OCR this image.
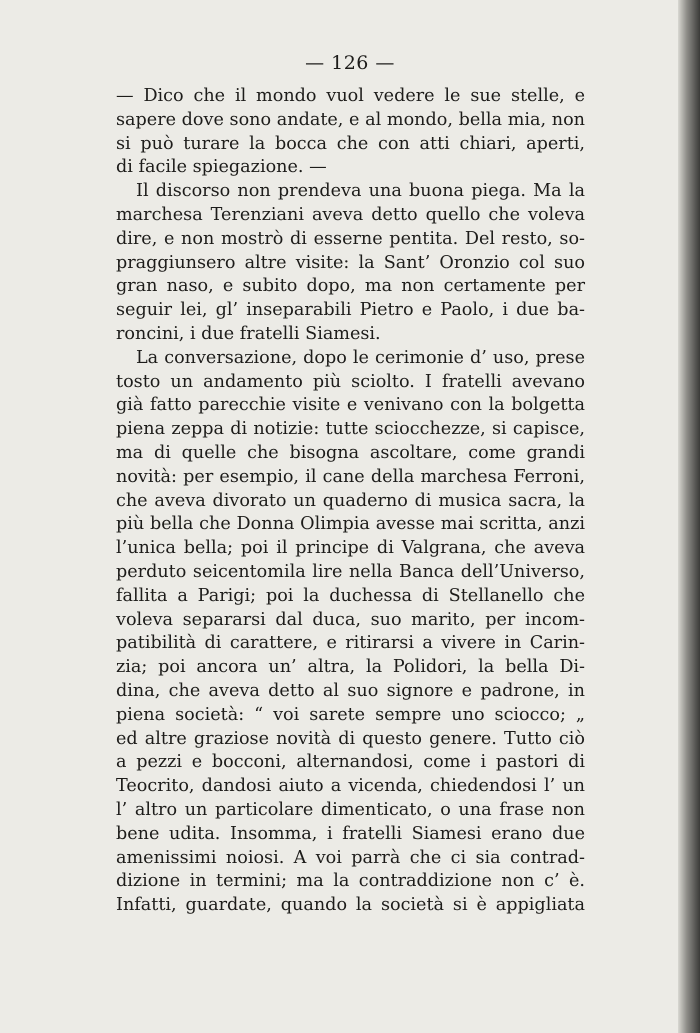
— 126 —
— Dico che il mondo vuol vedere le sue stelle, e
sapere dove sono andate, e al mondo, bella mia, non
si può turare la bocca che con atti chiari, aperti,
di facile spiegazione. —
Il discorso non prendeva una buona piega. Ma la
marchesa Terenziani aveva detto quello che voleva
dire, e non mostrò di esserne pentita. Del resto, so-
praggiunsero altre visite: la Sant’ Oronzio col suo
gran naso, e subito dopo, ma non certamente per
seguir lei, gl’ inseparabili Pietro e Paolo, i due ba-
roncini, i due fratelli Siamesi.
La conversazione, dopo le cerimonie d’ uso, prese
tosto un andamento più sciolto. I fratelli avevano
già fatto parecchie visite e venivano con la bolgetta
piena zeppa di notizie: tutte sciocchezze, si capisce,
ma di quelle che bisogna ascoltare, come grandi
novità: per esempio, il cane della marchesa Ferroni,
che aveva divorato un quaderno di musica sacra, la
più bella che Donna Olimpia avesse mai scritta, anzi
l’unica bella; poi il principe di Valgrana, che aveva
perduto seicentomila lire nella Banca dell’Universo,
fallita a Parigi; poi la duchessa di Stellanello che
voleva separarsi dal duca, suo marito, per incom-
patibilità di carattere, e ritirarsi a vivere in Carin-
zia; poi ancora un’ altra, la Polidori, la bella Di-
dina, che aveva detto al suo signore e padrone, in
piena società: “ voi sarete sempre uno sciocco; „
ed altre graziose novità di questo genere. Tutto ciò
a pezzi e bocconi, alternandosi, come i pastori di
Teocrito, dandosi aiuto a vicenda, chiedendosi l’ un
l’ altro un particolare dimenticato, o una frase non
bene udita. Insomma, i fratelli Siamesi erano due
amenissimi noiosi. A voi parrà che ci sia contrad-
dizione in termini; ma la contraddizione non c’ è.
Infatti, guardate, quando la società si è appigliata
